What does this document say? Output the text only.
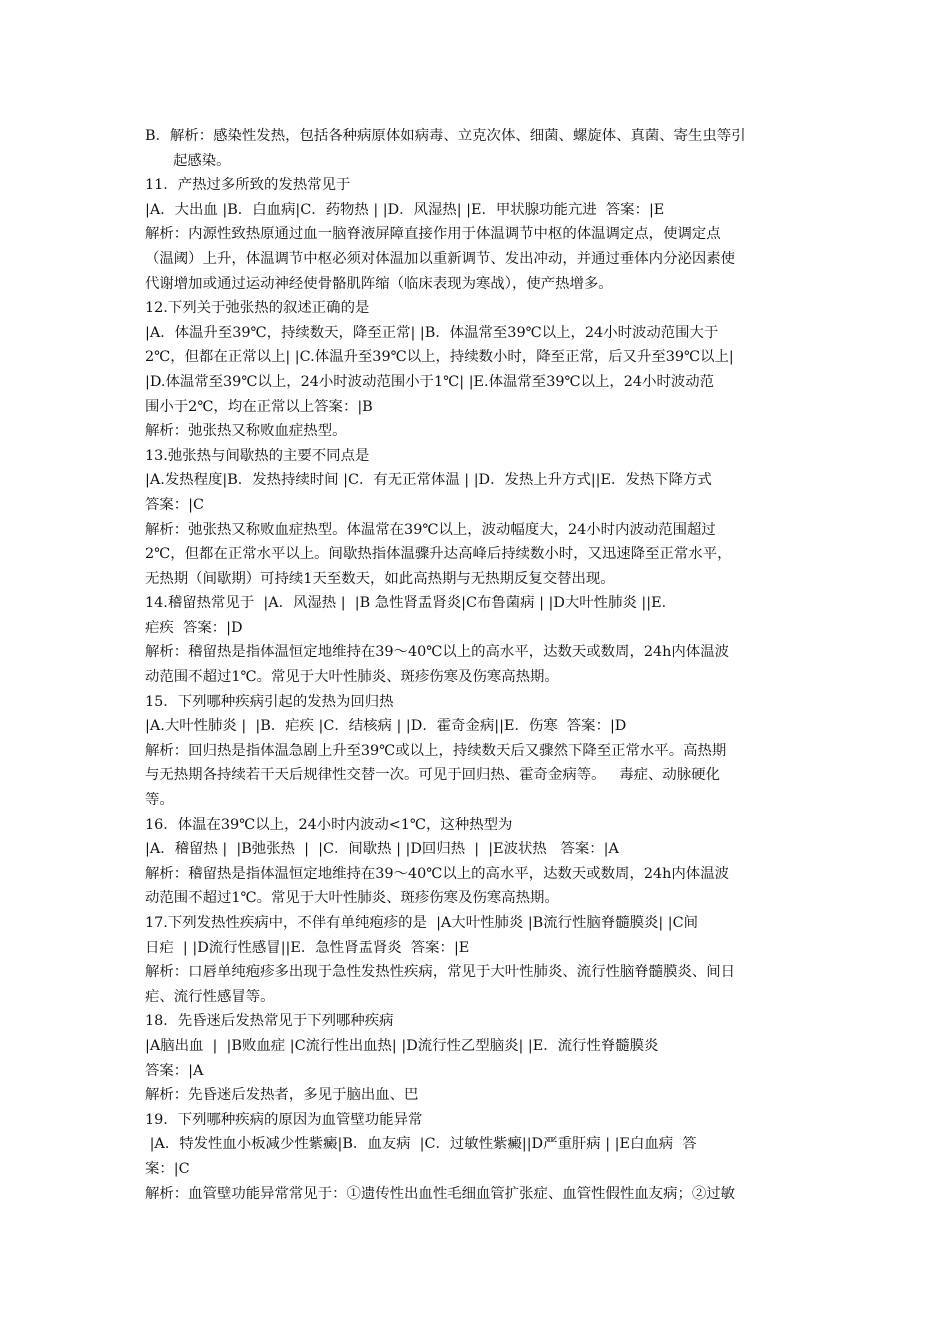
B．解析：感染性发热，包括各种病原体如病毒、立克次体、细菌、螺旋体、真菌、寄生虫等引
起感染。
11．产热过多所致的发热常见于
|A．大出血 |B．白血病|C．药物热 | |D．风湿热| |E．甲状腺功能亢进  答案：|E
解析：内源性致热原通过血一脑脊液屏障直接作用于体温调节中枢的体温调定点，使调定点
（温阈）上升，体温调节中枢必须对体温加以重新调节、发出冲动，并通过垂体内分泌因素使
代谢增加或通过运动神经使骨骼肌阵缩（临床表现为寒战），使产热增多。
12.下列关于弛张热的叙述正确的是
|A．体温升至39℃，持续数天，降至正常| |B．体温常至39℃以上，24小时波动范围大于
2℃，但都在正常以上| |C.体温升至39℃以上，持续数小时，降至正常，后又升至39℃以上|
|D.体温常至39℃以上，24小时波动范围小于1℃| |E.体温常至39℃以上，24小时波动范
围小于2℃，均在正常以上答案：|B
解析：弛张热又称败血症热型。
13.弛张热与间歇热的主要不同点是
|A.发热程度|B．发热持续时间 |C．有无正常体温 | |D．发热上升方式||E．发热下降方式
答案：|C
解析：弛张热又称败血症热型。体温常在39℃以上，波动幅度大，24小时内波动范围超过
2℃，但都在正常水平以上。间歇热指体温骤升达高峰后持续数小时，又迅速降至正常水平，
无热期（间歇期）可持续1天至数天，如此高热期与无热期反复交替出现。
14.稽留热常见于  |A．风湿热 |  |B 急性肾盂肾炎|C布鲁菌病 | |D大叶性肺炎 ||E．
疟疾  答案：|D
解析：稽留热是指体温恒定地维持在39～40℃以上的高水平，达数天或数周，24h内体温波
动范围不超过1℃。常见于大叶性肺炎、斑疹伤寒及伤寒高热期。
15．下列哪种疾病引起的发热为回归热
|A.大叶性肺炎 |  |B．疟疾 |C．结核病 | |D．霍奇金病||E．伤寒  答案：|D
解析：回归热是指体温急剧上升至39℃或以上，持续数天后又骤然下降至正常水平。高热期
与无热期各持续若干天后规律性交替一次。可见于回归热、霍奇金病等。   毒症、动脉硬化
等。
16．体温在39℃以上，24小时内波动<1℃，这种热型为
|A．稽留热 |  |B弛张热  |  |C．间歇热 | |D回归热  |  |E波状热   答案：|A
解析：稽留热是指体温恒定地维持在39～40℃以上的高水平，达数天或数周，24h内体温波
动范围不超过1℃。常见于大叶性肺炎、斑疹伤寒及伤寒高热期。
17.下列发热性疾病中，不伴有单纯疱疹的是  |A大叶性肺炎 |B流行性脑脊髓膜炎| |C间
日疟  | |D流行性感冒||E．急性肾盂肾炎  答案：|E
解析：口唇单纯疱疹多出现于急性发热性疾病，常见于大叶性肺炎、流行性脑脊髓膜炎、间日
疟、流行性感冒等。
18．先昏迷后发热常见于下列哪种疾病
|A脑出血  |  |B败血症 |C流行性出血热| |D流行性乙型脑炎| |E．流行性脊髓膜炎
答案：|A
解析：先昏迷后发热者，多见于脑出血、巴
19．下列哪种疾病的原因为血管壁功能异常
|A．特发性血小板减少性紫癜|B．血友病  |C．过敏性紫癜||D严重肝病 | |E白血病  答
案：|C
解析：血管壁功能异常常见于：①遗传性出血性毛细血管扩张症、血管性假性血友病；②过敏
